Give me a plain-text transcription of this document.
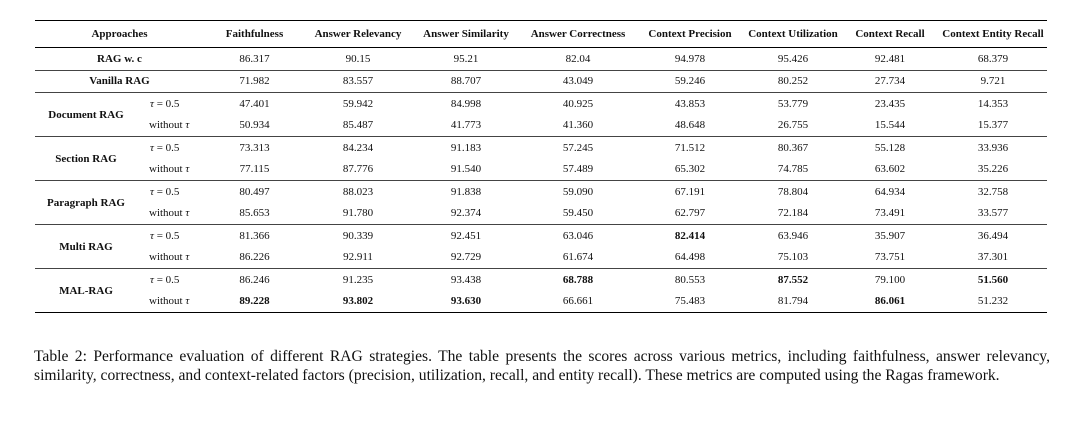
Approaches		Faithfulness	Answer Relevancy	Answer Similarity	Answer Correctness	Context Precision	Context Utilization	Context Recall	Context Entity Recall
RAG w. c		86.317	90.15	95.21	82.04	94.978	95.426	92.481	68.379
Vanilla RAG		71.982	83.557	88.707	43.049	59.246	80.252	27.734	9.721
Document RAG	τ = 0.5	47.401	59.942	84.998	40.925	43.853	53.779	23.435	14.353
	without τ	50.934	85.487	41.773	41.360	48.648	26.755	15.544	15.377
Section RAG	τ = 0.5	73.313	84.234	91.183	57.245	71.512	80.367	55.128	33.936
	without τ	77.115	87.776	91.540	57.489	65.302	74.785	63.602	35.226
Paragraph RAG	τ = 0.5	80.497	88.023	91.838	59.090	67.191	78.804	64.934	32.758
	without τ	85.653	91.780	92.374	59.450	62.797	72.184	73.491	33.577
Multi RAG	τ = 0.5	81.366	90.339	92.451	63.046	82.414	63.946	35.907	36.494
	without τ	86.226	92.911	92.729	61.674	64.498	75.103	73.751	37.301
MAL-RAG	τ = 0.5	86.246	91.235	93.438	68.788	80.553	87.552	79.100	51.560
	without τ	89.228	93.802	93.630	66.661	75.483	81.794	86.061	51.232
Table 2: Performance evaluation of different RAG strategies. The table presents the scores across various metrics, including faithfulness, answer relevancy, similarity, correctness, and context-related factors (precision, utilization, recall, and entity recall). These metrics are computed using the Ragas framework.
